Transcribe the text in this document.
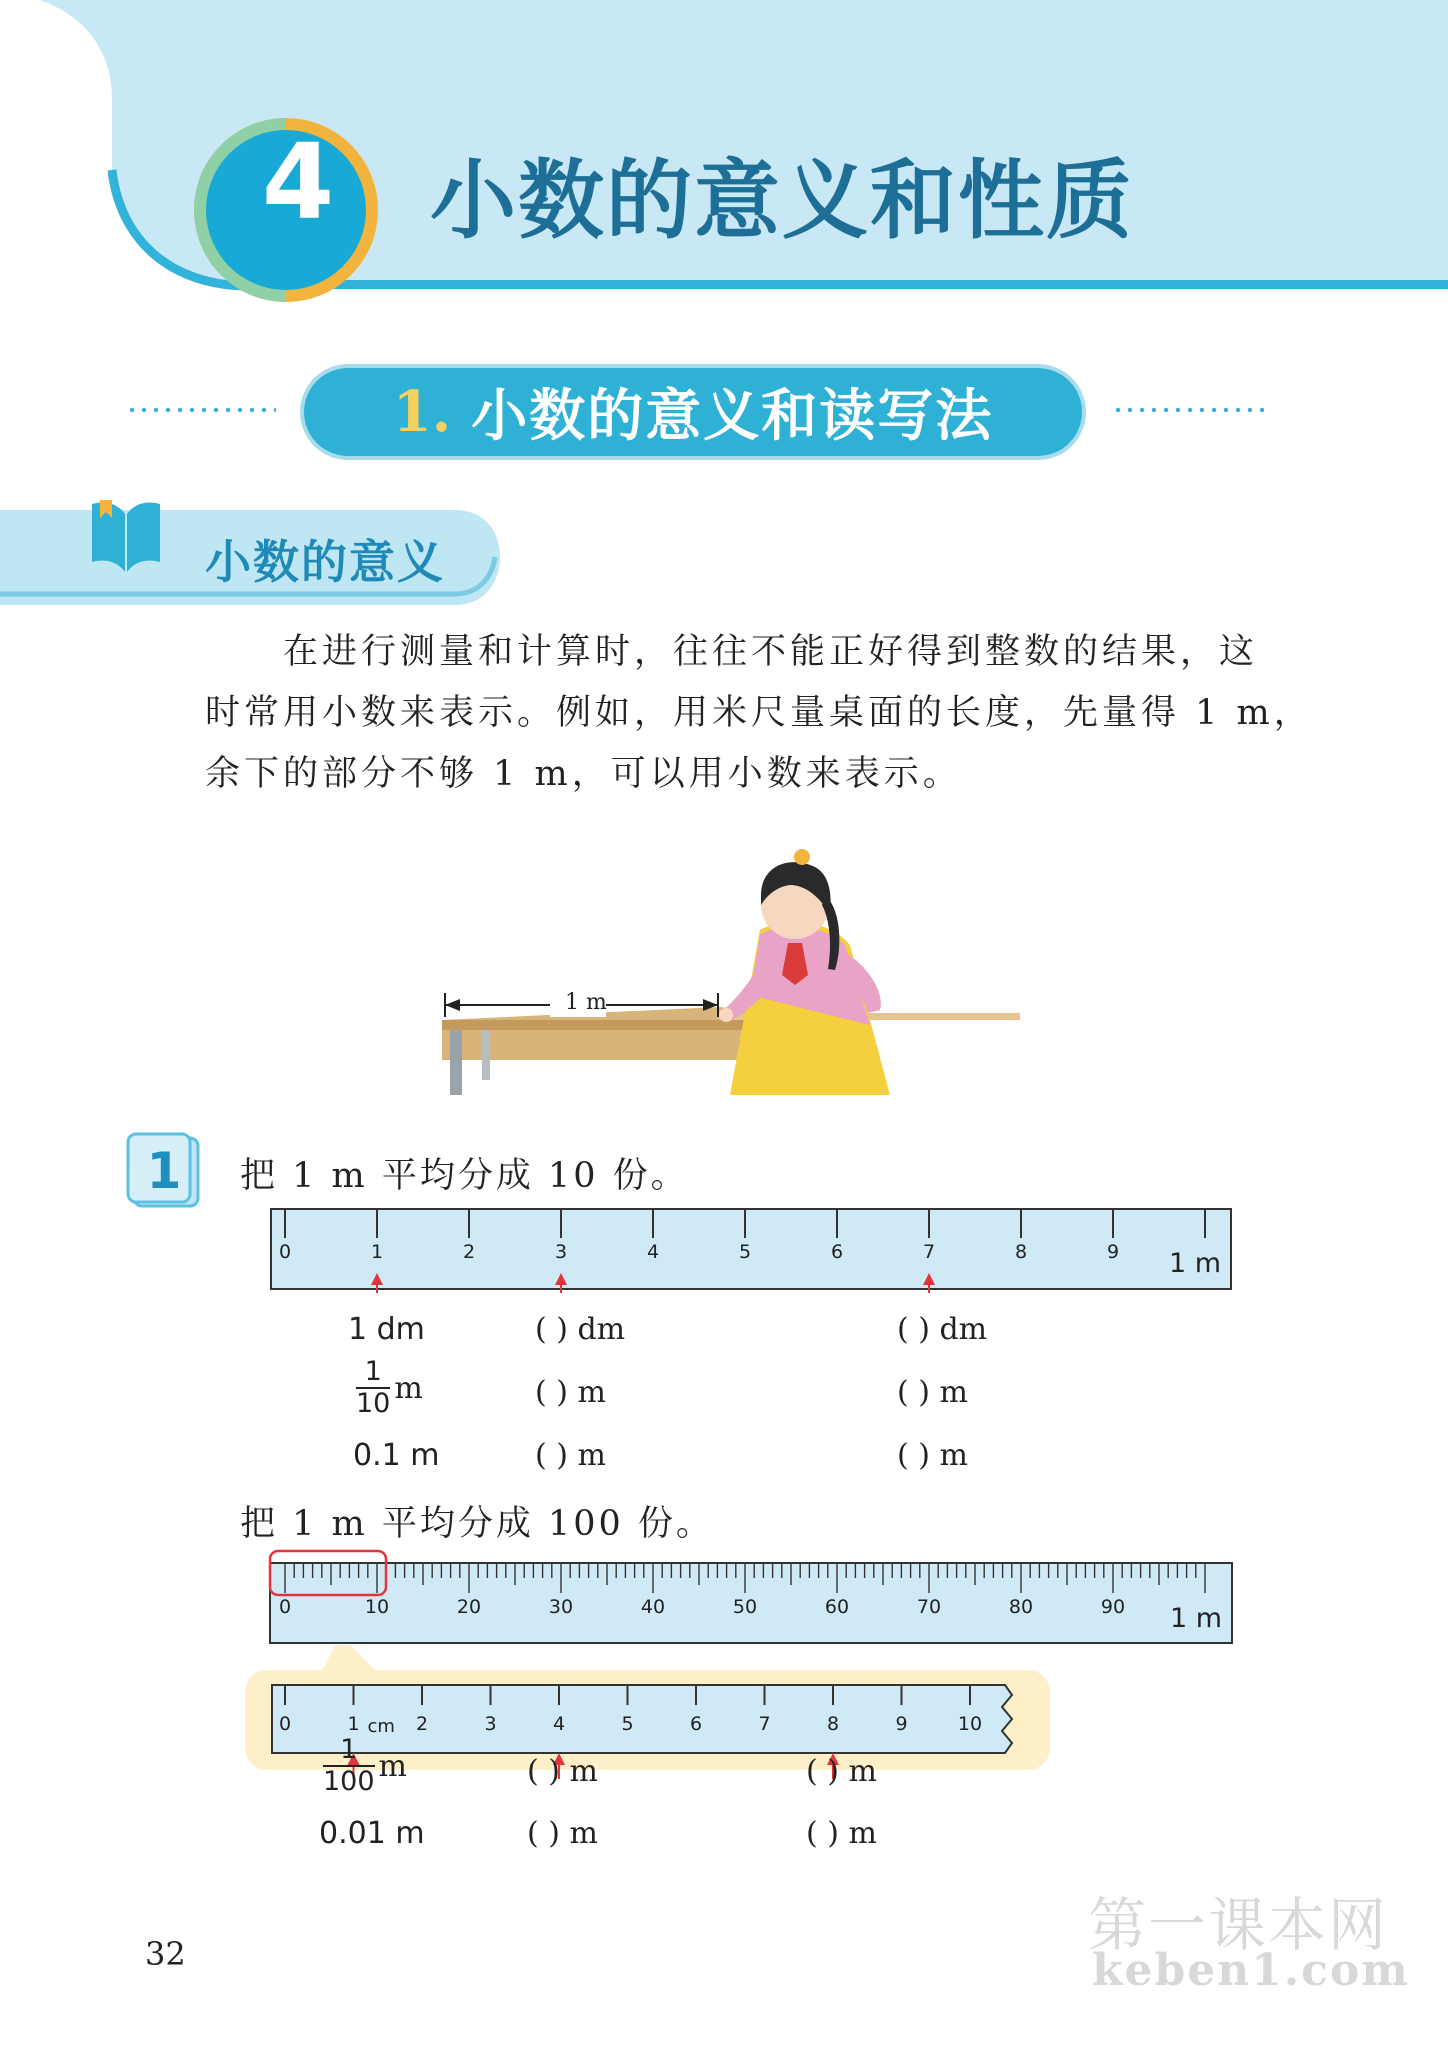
4 小数的意义和性质
1. 小数的意义和读写法
小数的意义
在进行测量和计算时，往往不能正好得到整数的结果，这
时常用小数来表示。例如，用米尺量桌面的长度，先量得 1 m，
余下的部分不够 1 m，可以用小数来表示。
1 m
1	把 1 m 平均分成 10 份。
0	1	2	3	4	5	6	7	8	9 1 m
1 dm	( ) dm	( ) dm
$\frac{1}{10}$ m	( ) m	( ) m
0.1 m	( ) m	( ) m
把 1 m 平均分成 100 份。
0	10	20	30	40	50	60	70	80	90 1 m
0	1	2	3	4	5	6	7	8	9	10
cm
$\frac{1}{100}$ m	( ) m	( ) m
0.01 m	( ) m	( ) m
32	第一课本网
keben1.com
